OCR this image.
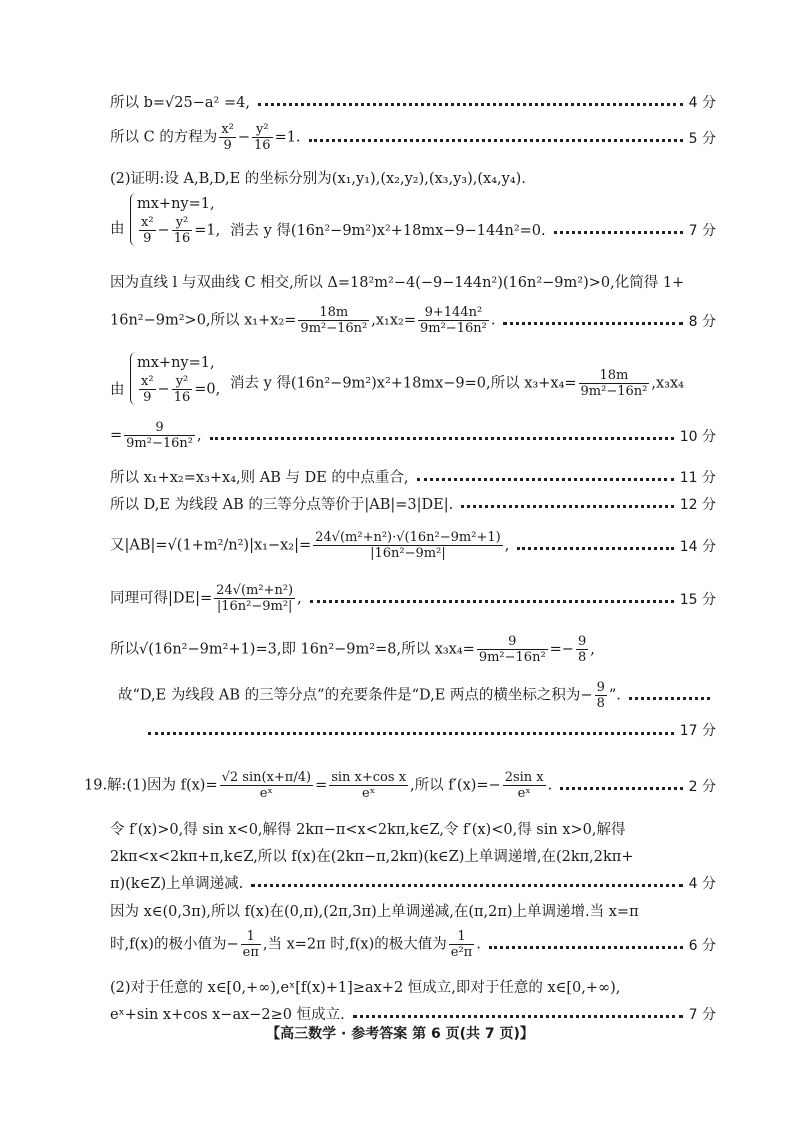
所以 b=√25−a² =4,	4 分
所以 C 的方程为 $\frac{\text{x²}}{9} - \frac{\text{y²}}{16} =1$.	5 分
(2)证明:设 A,B,D,E 的坐标分别为(x₁,y₁),(x₂,y₂),(x₃,y₃),(x₄,y₄).
由
mx+ny=1,
$\frac{\text{x²}}{9} - \frac{\text{y²}}{16} =1$, 消去 y 得(16n²−9m²)x²+18mx−9−144n²=0.	7 分
因为直线 l 与双曲线 C 相交,所以 Δ=18²m²−4(−9−144n²)(16n²−9m²)>0,化简得 1+
16n²−9m²>0,所以 $x_1+x_2= \frac{18m}{\text{9m²−16n²}} ,x_1x_2= \frac{\text{9+144n²}}{\text{9m²−16n²}}$ .	8 分
由
mx+ny=1,
$\frac{\text{x²}}{9} - \frac{\text{y²}}{16} =0$, 消去 y 得(16n²−9m²)x²+18mx−9=0,所以 $x_3+x_4= \frac{18m}{\text{9m²−16n²}} ,x_3x_4$
= $\frac{9}{\text{9m²−16n²}}$ ,	10 分
所以 x₁+x₂=x₃+x₄,则 AB 与 DE 的中点重合,	11 分
所以 D,E 为线段 AB 的三等分点等价于|AB|=3|DE|.	12 分
又$|AB|=√(1+m^2/n^2)|x_1-x_2|= \frac{\text{24√(m²+n²)·√(16n²−9m²+1)}}{\text{|16n²−9m²|}}$ ,	14 分
同理可得$|DE|= \frac{\text{24√(m²+n²)}}{\text{|16n²−9m²|}}$ ,	15 分
所以√(16n²−9m²+1)=3,即 16n²−9m²=8,所以 $x_3x_4= \frac{9}{\text{9m²−16n²}} =- \frac{9}{8}$ ,
故“D,E 为线段 AB 的三等分点”的充要条件是“D,E 两点的横坐标之积为− $\frac{9}{8}$ ”.
17 分
19.解:(1)因为 $f(x)= \frac{√2 \sin(x+\pi/4)}{\text{eˣ}} = \frac{\text{sin x+cos x}}{\text{eˣ}}$ ,所以 $f'(x)=- \frac{\text{2sin x}}{\text{eˣ}}$ .	2 分
令 f′(x)>0,得 sin x<0,解得 2kπ−π<x<2kπ,k∈Z,令 f′(x)<0,得 sin x>0,解得
2kπ<x<2kπ+π,k∈Z,所以 f(x)在(2kπ−π,2kπ)(k∈Z)上单调递增,在(2kπ,2kπ+
π)(k∈Z)上单调递减.	4 分
因为 x∈(0,3π),所以 f(x)在(0,π),(2π,3π)上单调递减,在(π,2π)上单调递增.当 x=π
时,f(x)的极小值为− $\frac{1}{e\pi}$ ,当 x=2π 时,f(x)的极大值为 $\frac{1}{\text{e²π}}$ .	6 分
(2)对于任意的 x∈[0,+∞),eˣ[f(x)+1]≥ax+2 恒成立,即对于任意的 x∈[0,+∞),
eˣ+sin x+cos x−ax−2≥0 恒成立.	7 分
【高三数学 · 参考答案 第 6 页(共 7 页)】
